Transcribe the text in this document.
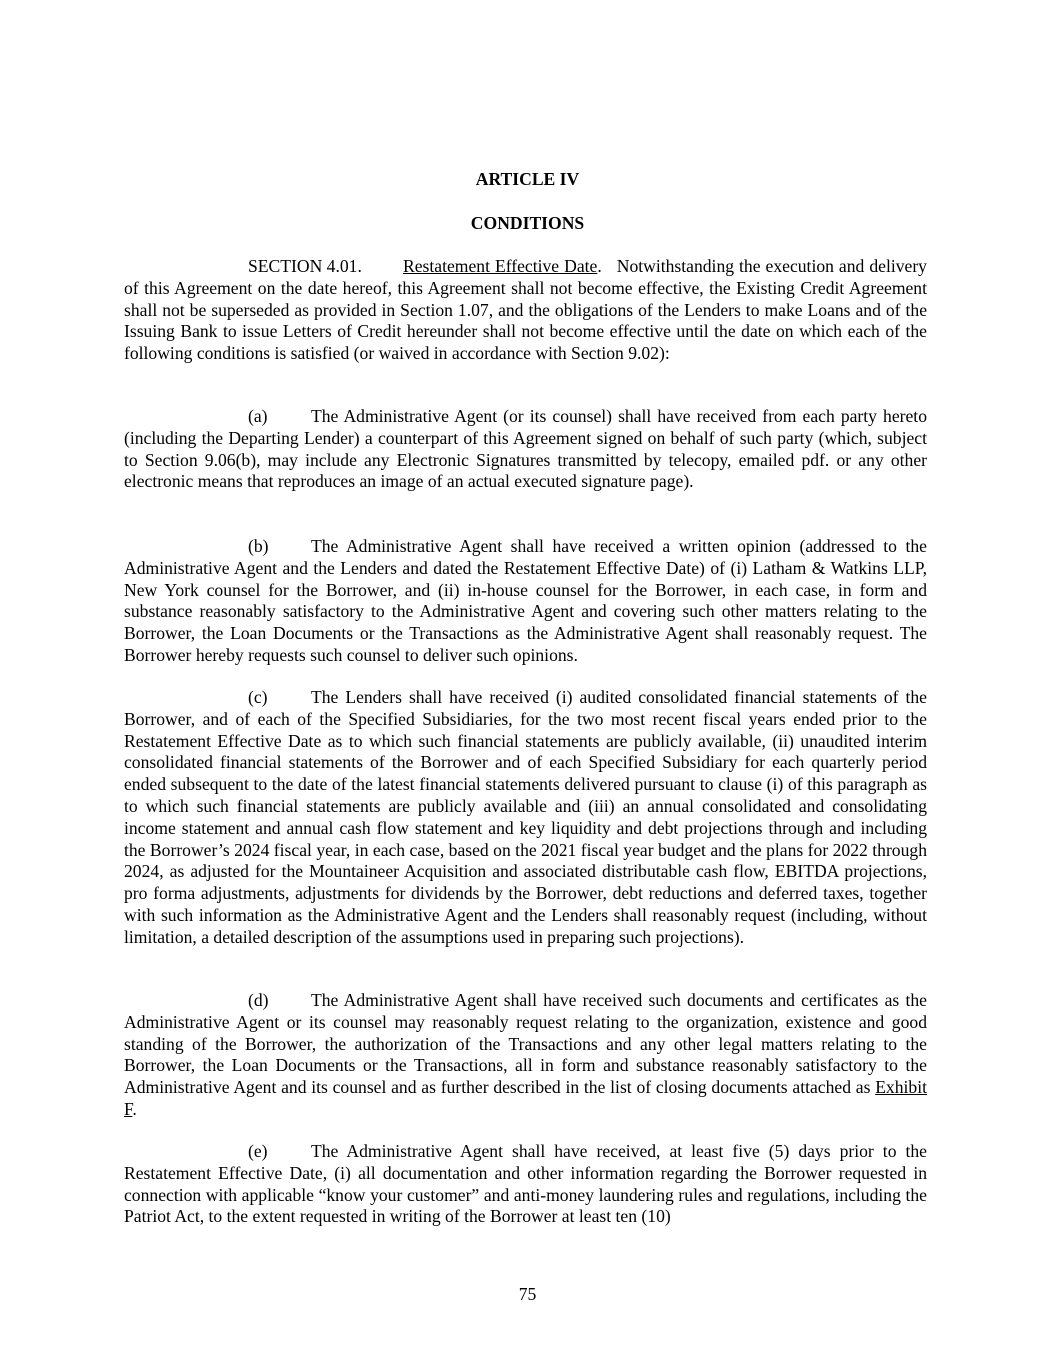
ARTICLE IV
CONDITIONS
SECTION 4.01. Restatement Effective Date. Notwithstanding the execution and delivery of this Agreement on the date hereof, this Agreement shall not become effective, the Existing Credit Agreement shall not be superseded as provided in Section 1.07, and the obligations of the Lenders to make Loans and of the Issuing Bank to issue Letters of Credit hereunder shall not become effective until the date on which each of the following conditions is satisfied (or waived in accordance with Section 9.02):
(a) The Administrative Agent (or its counsel) shall have received from each party hereto (including the Departing Lender) a counterpart of this Agreement signed on behalf of such party (which, subject to Section 9.06(b), may include any Electronic Signatures transmitted by telecopy, emailed pdf. or any other electronic means that reproduces an image of an actual executed signature page).
(b) The Administrative Agent shall have received a written opinion (addressed to the Administrative Agent and the Lenders and dated the Restatement Effective Date) of (i) Latham & Watkins LLP, New York counsel for the Borrower, and (ii) in-house counsel for the Borrower, in each case, in form and substance reasonably satisfactory to the Administrative Agent and covering such other matters relating to the Borrower, the Loan Documents or the Transactions as the Administrative Agent shall reasonably request. The Borrower hereby requests such counsel to deliver such opinions.
(c) The Lenders shall have received (i) audited consolidated financial statements of the Borrower, and of each of the Specified Subsidiaries, for the two most recent fiscal years ended prior to the Restatement Effective Date as to which such financial statements are publicly available, (ii) unaudited interim consolidated financial statements of the Borrower and of each Specified Subsidiary for each quarterly period ended subsequent to the date of the latest financial statements delivered pursuant to clause (i) of this paragraph as to which such financial statements are publicly available and (iii) an annual consolidated and consolidating income statement and annual cash flow statement and key liquidity and debt projections through and including the Borrower’s 2024 fiscal year, in each case, based on the 2021 fiscal year budget and the plans for 2022 through 2024, as adjusted for the Mountaineer Acquisition and associated distributable cash flow, EBITDA projections, pro forma adjustments, adjustments for dividends by the Borrower, debt reductions and deferred taxes, together with such information as the Administrative Agent and the Lenders shall reasonably request (including, without limitation, a detailed description of the assumptions used in preparing such projections).
(d) The Administrative Agent shall have received such documents and certificates as the Administrative Agent or its counsel may reasonably request relating to the organization, existence and good standing of the Borrower, the authorization of the Transactions and any other legal matters relating to the Borrower, the Loan Documents or the Transactions, all in form and substance reasonably satisfactory to the Administrative Agent and its counsel and as further described in the list of closing documents attached as Exhibit F.
(e) The Administrative Agent shall have received, at least five (5) days prior to the Restatement Effective Date, (i) all documentation and other information regarding the Borrower requested in connection with applicable “know your customer” and anti-money laundering rules and regulations, including the Patriot Act, to the extent requested in writing of the Borrower at least ten (10)
75
